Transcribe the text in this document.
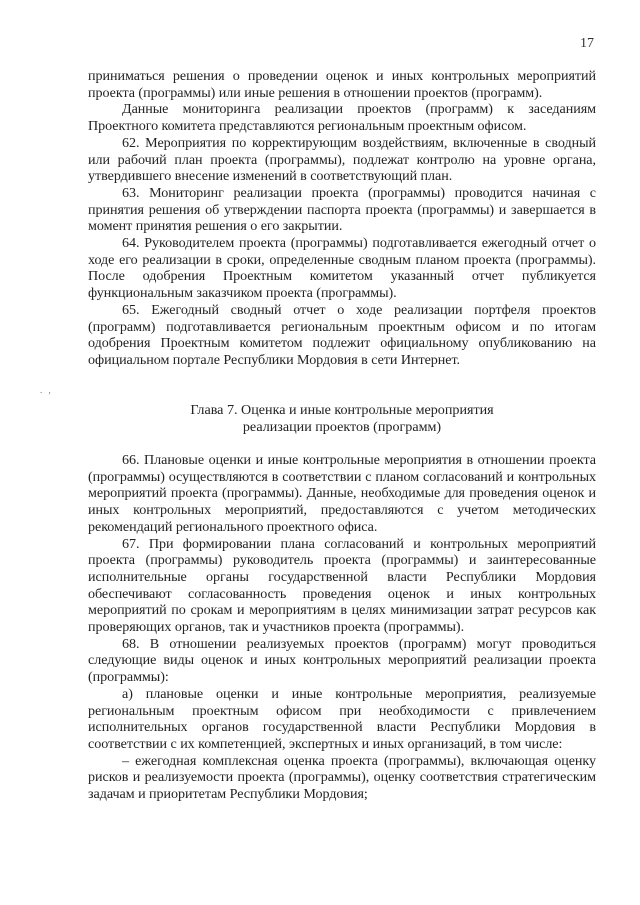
17

приниматься решения о проведении оценок и иных контрольных мероприятий проекта (программы) или иные решения в отношении проектов (программ).

Данные мониторинга реализации проектов (программ) к заседаниям Проектного комитета представляются региональным проектным офисом.

62. Мероприятия по корректирующим воздействиям, включенные в сводный или рабочий план проекта (программы), подлежат контролю на уровне органа, утвердившего внесение изменений в соответствующий план.

63. Мониторинг реализации проекта (программы) проводится начиная с принятия решения об утверждении паспорта проекта (программы) и завершается в момент принятия решения о его закрытии.

64. Руководителем проекта (программы) подготавливается ежегодный отчет о ходе его реализации в сроки, определенные сводным планом проекта (программы). После одобрения Проектным комитетом указанный отчет публикуется функциональным заказчиком проекта (программы).

65. Ежегодный сводный отчет о ходе реализации портфеля проектов (программ) подготавливается региональным проектным офисом и по итогам одобрения Проектным комитетом подлежит официальному опубликованию на официальном портале Республики Мордовия в сети Интернет.

. ,
Глава 7. Оценка и иные контрольные мероприятия
реализации проектов (программ)

66. Плановые оценки и иные контрольные мероприятия в отношении проекта (программы) осуществляются в соответствии с планом согласований и контрольных мероприятий проекта (программы). Данные, необходимые для проведения оценок и иных контрольных мероприятий, предоставляются с учетом методических рекомендаций регионального проектного офиса.

67. При формировании плана согласований и контрольных мероприятий проекта (программы) руководитель проекта (программы) и заинтересованные исполнительные органы государственной власти Республики Мордовия обеспечивают согласованность проведения оценок и иных контрольных мероприятий по срокам и мероприятиям в целях минимизации затрат ресурсов как проверяющих органов, так и участников проекта (программы).

68. В отношении реализуемых проектов (программ) могут проводиться следующие виды оценок и иных контрольных мероприятий реализации проекта (программы):

а) плановые оценки и иные контрольные мероприятия, реализуемые региональным проектным офисом при необходимости с привлечением исполнительных органов государственной власти Республики Мордовия в соответствии с их компетенцией, экспертных и иных организаций, в том числе:

– ежегодная комплексная оценка проекта (программы), включающая оценку рисков и реализуемости проекта (программы), оценку соответствия стратегическим задачам и приоритетам Республики Мордовия;
